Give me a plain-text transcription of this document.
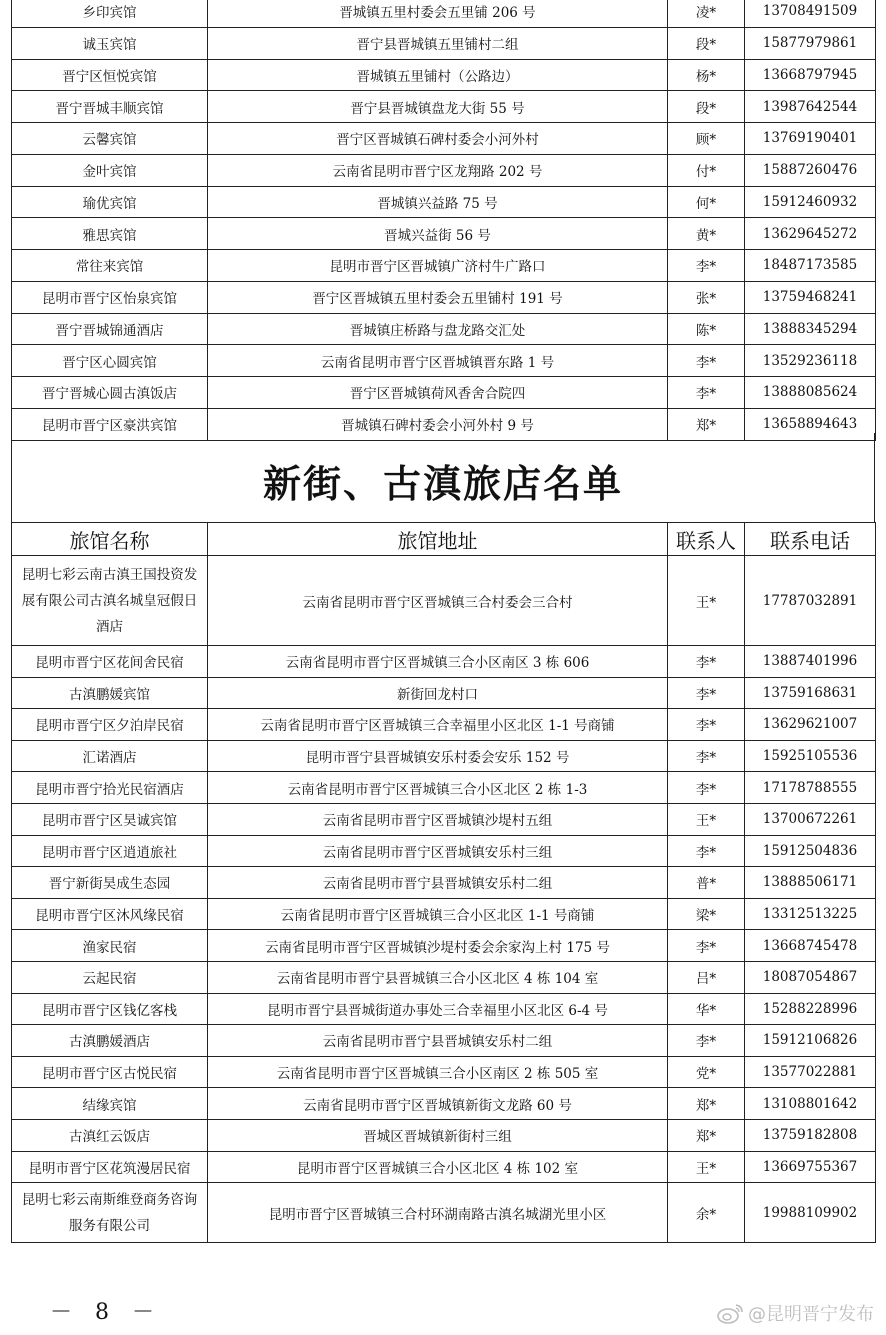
乡印宾馆	晋城镇五里村委会五里铺 206 号	凌*	13708491509
诚玉宾馆	晋宁县晋城镇五里铺村二组	段*	15877979861
晋宁区恒悦宾馆	晋城镇五里铺村（公路边）	杨*	13668797945
晋宁晋城丰顺宾馆	晋宁县晋城镇盘龙大街 55 号	段*	13987642544
云馨宾馆	晋宁区晋城镇石碑村委会小河外村	顾*	13769190401
金叶宾馆	云南省昆明市晋宁区龙翔路 202 号	付*	15887260476
瑜优宾馆	晋城镇兴益路 75 号	何*	15912460932
雅思宾馆	晋城兴益街 56 号	黄*	13629645272
常往来宾馆	昆明市晋宁区晋城镇广济村牛广路口	李*	18487173585
昆明市晋宁区怡泉宾馆	晋宁区晋城镇五里村委会五里铺村 191 号	张*	13759468241
晋宁晋城锦通酒店	晋城镇庄桥路与盘龙路交汇处	陈*	13888345294
晋宁区心圆宾馆	云南省昆明市晋宁区晋城镇晋东路 1 号	李*	13529236118
晋宁晋城心圆古滇饭店	晋宁区晋城镇荷风香舍合院四	李*	13888085624
昆明市晋宁区豪洪宾馆	晋城镇石碑村委会小河外村 9 号	郑*	13658894643
新街、古滇旅店名单
旅馆名称	旅馆地址	联系人	联系电话
昆明七彩云南古滇王国投资发展有限公司古滇名城皇冠假日酒店	云南省昆明市晋宁区晋城镇三合村委会三合村	王*	17787032891
昆明市晋宁区花间舍民宿	云南省昆明市晋宁区晋城镇三合小区南区 3 栋 606	李*	13887401996
古滇鹏媛宾馆	新街回龙村口	李*	13759168631
昆明市晋宁区夕泊岸民宿	云南省昆明市晋宁区晋城镇三合幸福里小区北区 1-1 号商铺	李*	13629621007
汇诺酒店	昆明市晋宁县晋城镇安乐村委会安乐 152 号	李*	15925105536
昆明市晋宁拾光民宿酒店	云南省昆明市晋宁区晋城镇三合小区北区 2 栋 1-3	李*	17178788555
昆明市晋宁区昊诚宾馆	云南省昆明市晋宁区晋城镇沙堤村五组	王*	13700672261
昆明市晋宁区逍逍旅社	云南省昆明市晋宁区晋城镇安乐村三组	李*	15912504836
晋宁新街昊成生态园	云南省昆明市晋宁县晋城镇安乐村二组	普*	13888506171
昆明市晋宁区沐风缘民宿	云南省昆明市晋宁区晋城镇三合小区北区 1-1 号商铺	梁*	13312513225
渔家民宿	云南省昆明市晋宁区晋城镇沙堤村委会余家沟上村 175 号	李*	13668745478
云起民宿	云南省昆明市晋宁县晋城镇三合小区北区 4 栋 104 室	吕*	18087054867
昆明市晋宁区钱亿客栈	昆明市晋宁县晋城街道办事处三合幸福里小区北区 6-4 号	华*	15288228996
古滇鹏媛酒店	云南省昆明市晋宁县晋城镇安乐村二组	李*	15912106826
昆明市晋宁区古悦民宿	云南省昆明市晋宁区晋城镇三合小区南区 2 栋 505 室	党*	13577022881
结缘宾馆	云南省昆明市晋宁区晋城镇新街文龙路 60 号	郑*	13108801642
古滇红云饭店	晋城区晋城镇新街村三组	郑*	13759182808
昆明市晋宁区花筑漫居民宿	昆明市晋宁区晋城镇三合小区北区 4 栋 102 室	王*	13669755367
昆明七彩云南斯维登商务咨询服务有限公司	昆明市晋宁区晋城镇三合村环湖南路古滇名城湖光里小区	余*	19988109902
－ 8 －	@昆明晋宁发布
